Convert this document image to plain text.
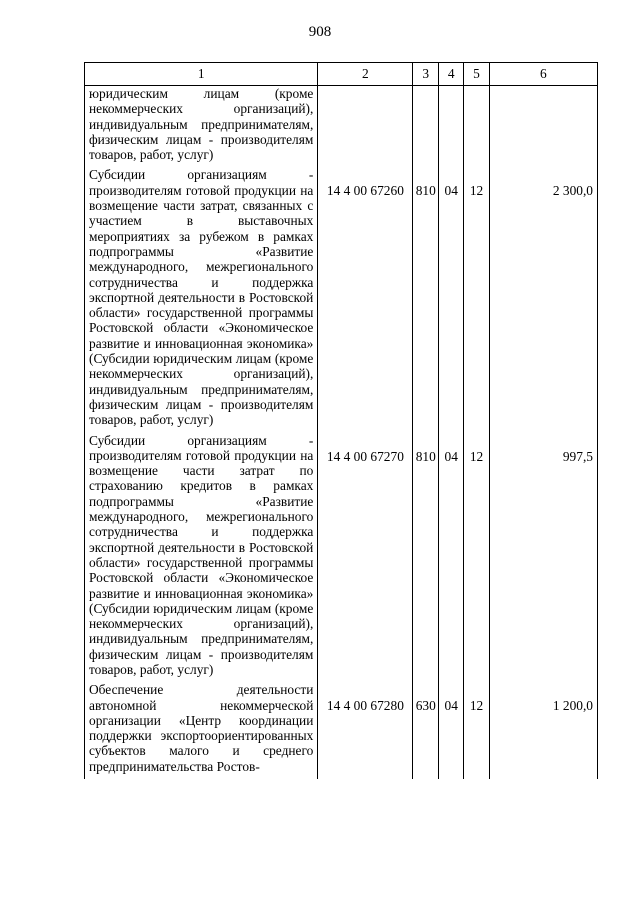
908
1	2	3	4	5	6
юридическим лицам (кроме некоммерческих организаций), индивидуальным предпринимателям, физическим лицам - производителям товаров, работ, услуг)					
Субсидии организациям - производителям готовой продукции на возмещение части затрат, связанных с участием в выставочных мероприятиях за рубежом в рамках подпрограммы «Развитие международного, межрегионального сотрудничества и поддержка экспортной деятельности в Ростовской области» государственной программы Ростовской области «Экономическое развитие и инновационная экономика» (Субсидии юридическим лицам (кроме некоммерческих организаций), индивидуальным предпринимателям, физическим лицам - производителям товаров, работ, услуг)	14 4 00 67260	810	04	12	2 300,0
Субсидии организациям - производителям готовой продукции на возмещение части затрат по страхованию кредитов в рамках подпрограммы «Развитие международного, межрегионального сотрудничества и поддержка экспортной деятельности в Ростовской области» государственной программы Ростовской области «Экономическое развитие и инновационная экономика» (Субсидии юридическим лицам (кроме некоммерческих организаций), индивидуальным предпринимателям, физическим лицам - производителям товаров, работ, услуг)	14 4 00 67270	810	04	12	997,5
Обеспечение деятельности автономной некоммерческой организации «Центр координации поддержки экспортоориентированных субъектов малого и среднего предпринимательства Ростов-	14 4 00 67280	630	04	12	1 200,0
